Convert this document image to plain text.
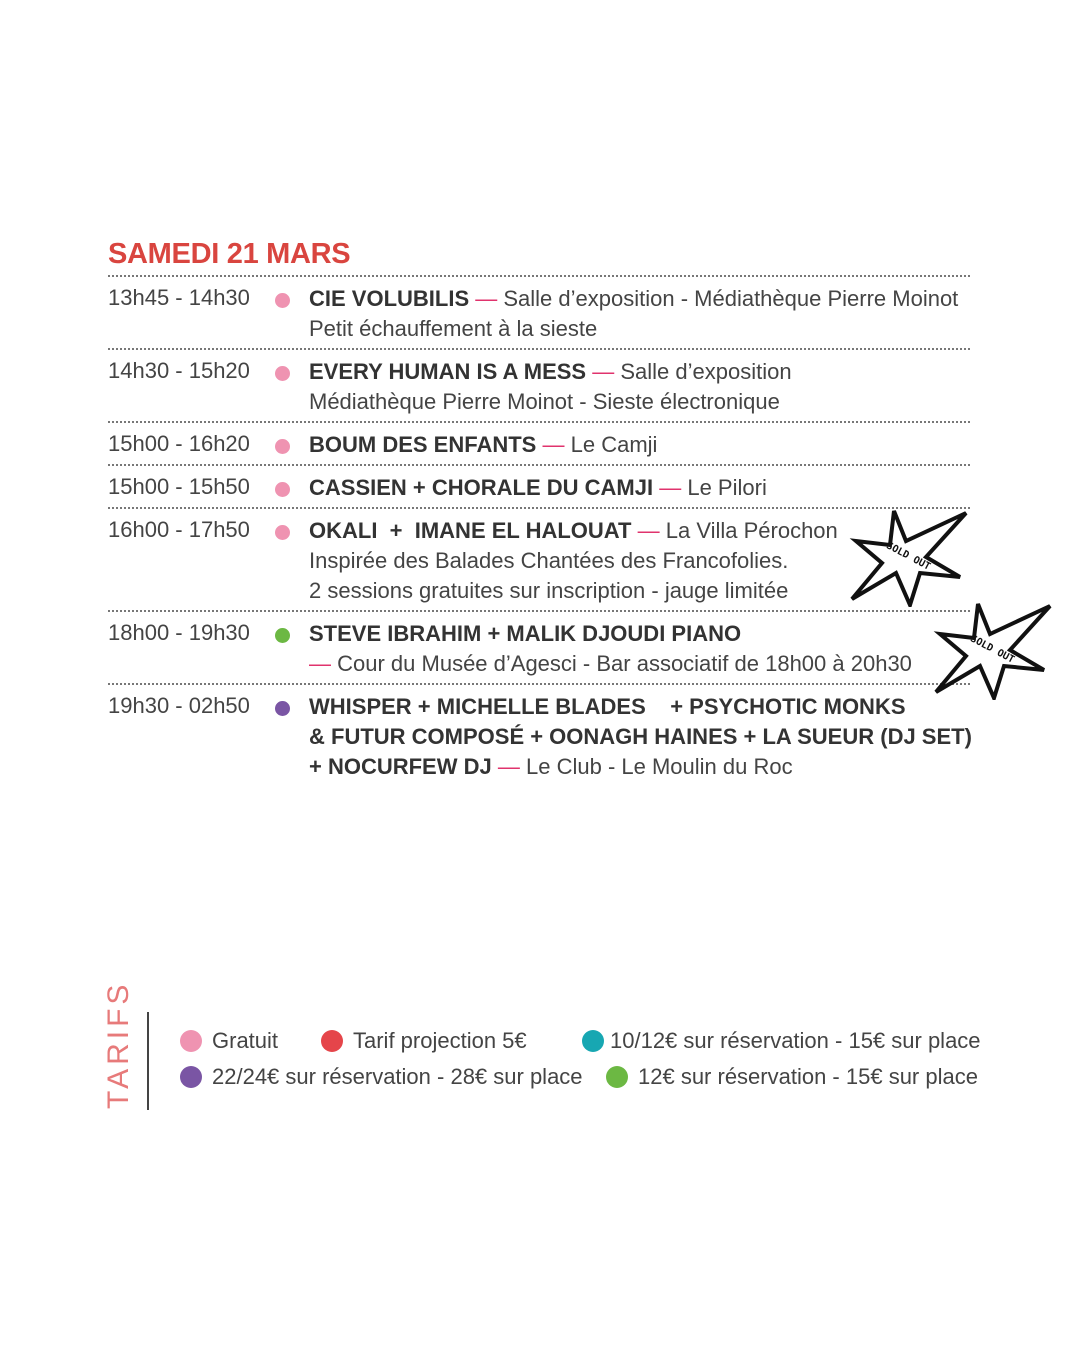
SAMEDI 21 MARS
13h45 - 14h30	CIE VOLUBILIS — Salle d’exposition - Médiathèque Pierre Moinot
Petit échauffement à la sieste
14h30 - 15h20	EVERY HUMAN IS A MESS — Salle d’exposition
Médiathèque Pierre Moinot - Sieste électronique
15h00 - 16h20	BOUM DES ENFANTS — Le Camji
15h00 - 15h50	CASSIEN + CHORALE DU CAMJI — Le Pilori
16h00 - 17h50	OKALI  +  IMANE EL HALOUAT — La Villa Pérochon
Inspirée des Balades Chantées des Francofolies.
2 sessions gratuites sur inscription - jauge limitée
SOLD OUT
18h00 - 19h30	STEVE IBRAHIM + MALIK DJOUDI PIANO
— Cour du Musée d’Agesci - Bar associatif de 18h00 à 20h30	SOLD OUT
19h30 - 02h50	WHISPER + MICHELLE BLADES    + PSYCHOTIC MONKS
& FUTUR COMPOSÉ + OONAGH HAINES + LA SUEUR (DJ SET)
+ NOCURFEW DJ — Le Club - Le Moulin du Roc
TARIFS	Gratuit	Tarif projection 5€	10/12€ sur réservation - 15€ sur place
22/24€ sur réservation - 28€ sur place	12€ sur réservation - 15€ sur place
